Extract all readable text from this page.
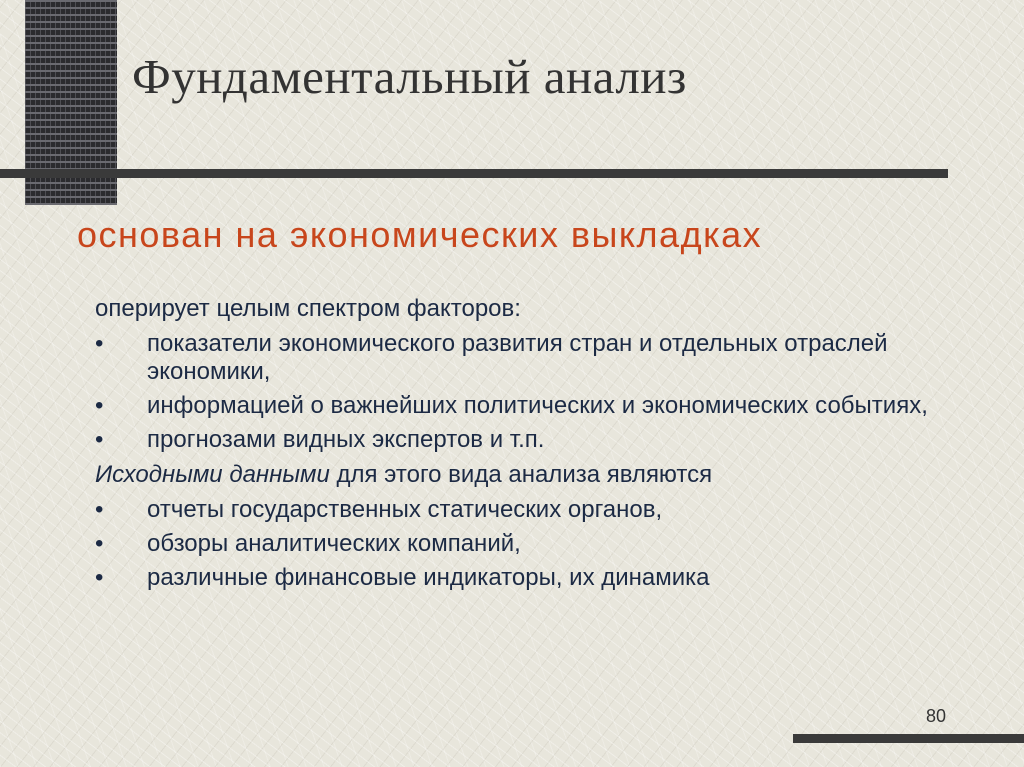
Фундаментальный анализ
основан на экономических выкладках

оперирует целым спектром факторов:

• показатели экономического развития стран и отдельных отраслей экономики,
• информацией о важнейших политических и экономических событиях,
• прогнозами видных экспертов и т.п.

Исходными данными для этого вида анализа являются

• отчеты государственных статических органов,
• обзоры аналитических компаний,
• различные финансовые индикаторы, их динамика
80
